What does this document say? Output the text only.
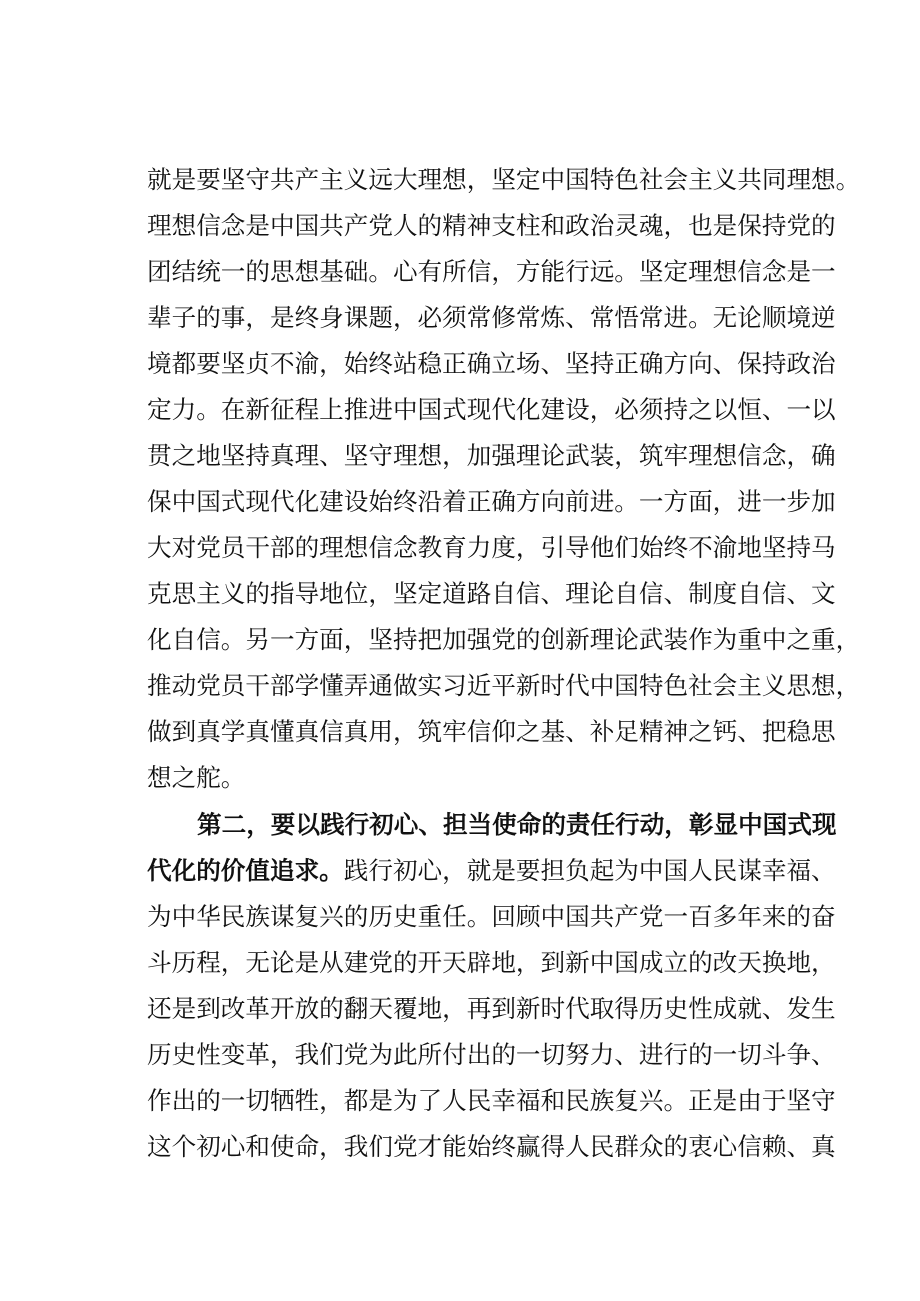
就是要坚守共产主义远大理想，坚定中国特色社会主义共同理想。
理想信念是中国共产党人的精神支柱和政治灵魂，也是保持党的
团结统一的思想基础。心有所信，方能行远。坚定理想信念是一
辈子的事，是终身课题，必须常修常炼、常悟常进。无论顺境逆
境都要坚贞不渝，始终站稳正确立场、坚持正确方向、保持政治
定力。在新征程上推进中国式现代化建设，必须持之以恒、一以
贯之地坚持真理、坚守理想，加强理论武装，筑牢理想信念，确
保中国式现代化建设始终沿着正确方向前进。一方面，进一步加
大对党员干部的理想信念教育力度，引导他们始终不渝地坚持马
克思主义的指导地位，坚定道路自信、理论自信、制度自信、文
化自信。另一方面，坚持把加强党的创新理论武装作为重中之重，
推动党员干部学懂弄通做实习近平新时代中国特色社会主义思想，
做到真学真懂真信真用，筑牢信仰之基、补足精神之钙、把稳思
想之舵。
第二，要以践行初心、担当使命的责任行动，彰显中国式现
代化的价值追求。践行初心，就是要担负起为中国人民谋幸福、
为中华民族谋复兴的历史重任。回顾中国共产党一百多年来的奋
斗历程，无论是从建党的开天辟地，到新中国成立的改天换地，
还是到改革开放的翻天覆地，再到新时代取得历史性成就、发生
历史性变革，我们党为此所付出的一切努力、进行的一切斗争、
作出的一切牺牲，都是为了人民幸福和民族复兴。正是由于坚守
这个初心和使命，我们党才能始终赢得人民群众的衷心信赖、真
